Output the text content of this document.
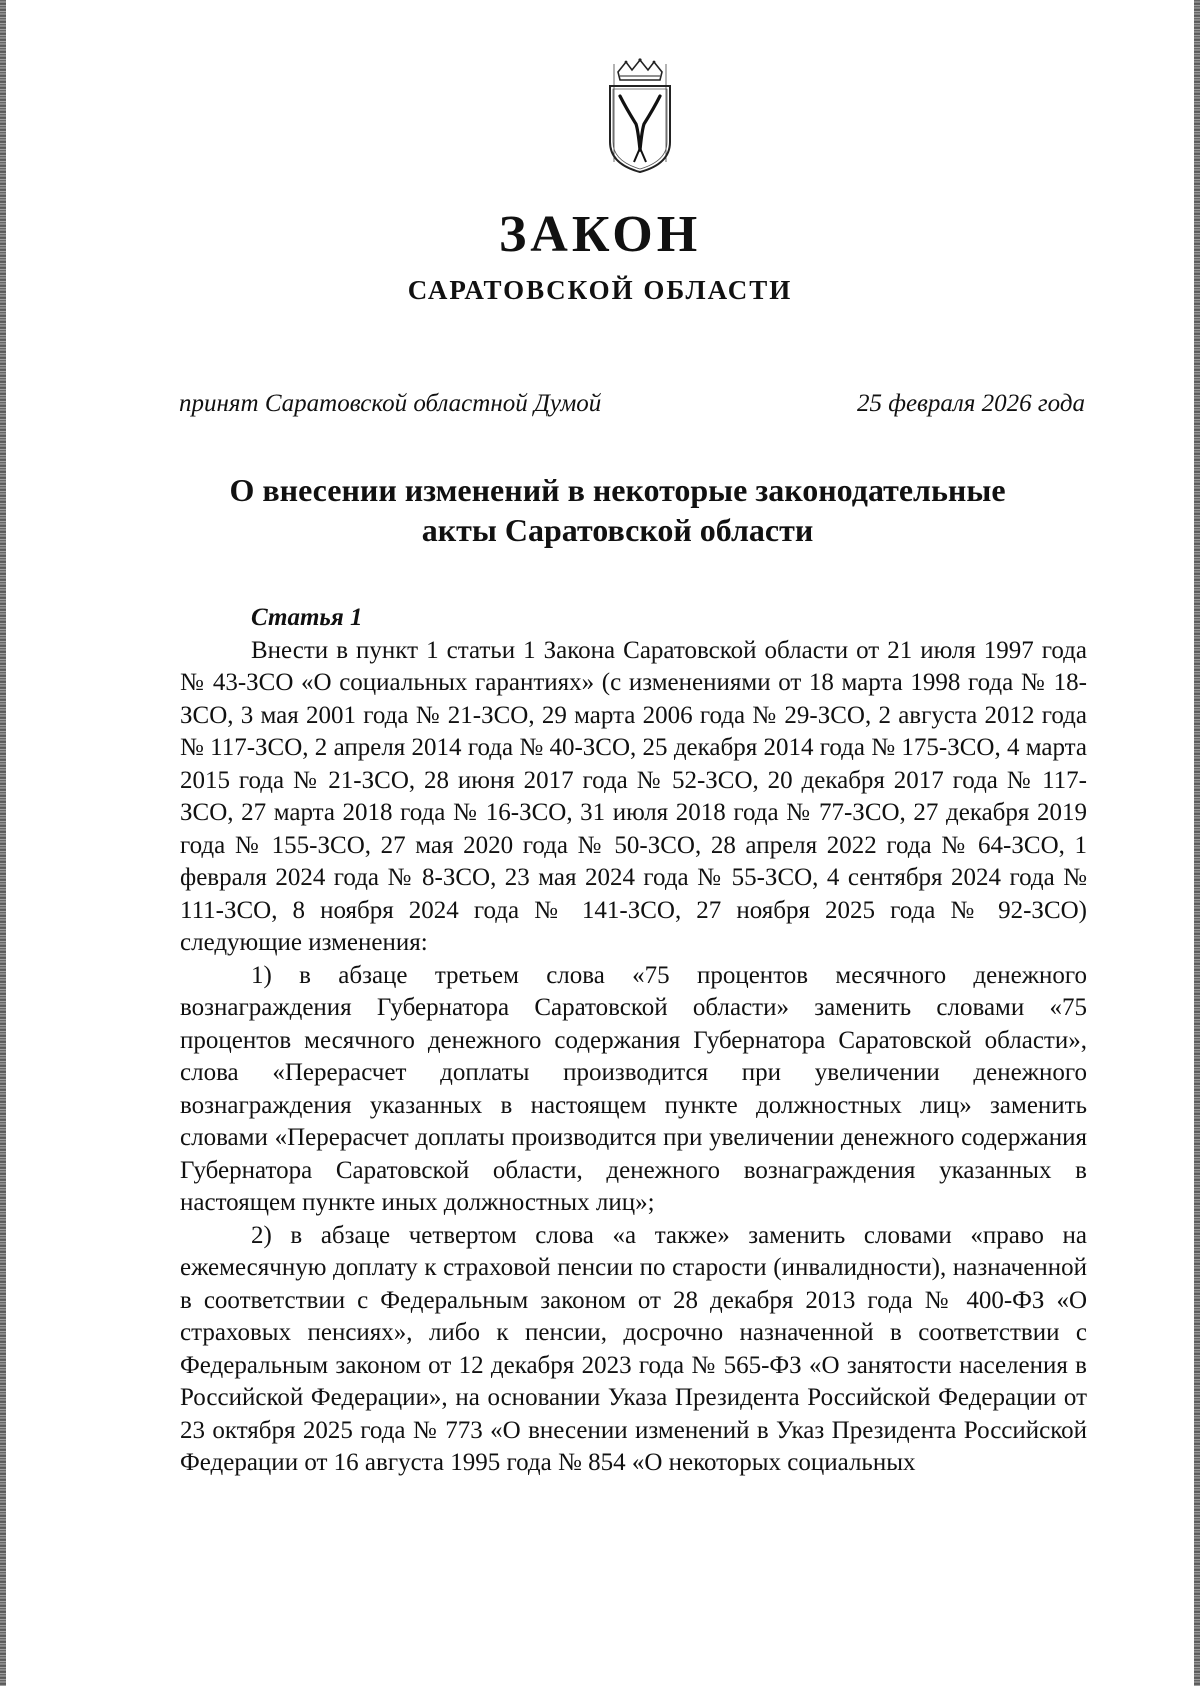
ЗАКОН
САРАТОВСКОЙ ОБЛАСТИ
принят Саратовской областной Думой	25 февраля 2026 года
О внесении изменений в некоторые законодательные
акты Саратовской области
Статья 1

Внести в пункт 1 статьи 1 Закона Саратовской области от 21 июля 1997 года № 43-ЗСО «О социальных гарантиях» (с изменениями от 18 марта 1998 года № 18-ЗСО, 3 мая 2001 года № 21-ЗСО, 29 марта 2006 года № 29-ЗСО, 2 августа 2012 года № 117-ЗСО, 2 апреля 2014 года № 40-ЗСО, 25 декабря 2014 года № 175-ЗСО, 4 марта 2015 года № 21-ЗСО, 28 июня 2017 года № 52-ЗСО, 20 декабря 2017 года № 117-ЗСО, 27 марта 2018 года № 16-ЗСО, 31 июля 2018 года № 77-ЗСО, 27 декабря 2019 года № 155-ЗСО, 27 мая 2020 года № 50-ЗСО, 28 апреля 2022 года № 64-ЗСО, 1 февраля 2024 года № 8-ЗСО, 23 мая 2024 года № 55-ЗСО, 4 сентября 2024 года № 111-ЗСО, 8 ноября 2024 года № 141-ЗСО, 27 ноября 2025 года № 92-ЗСО) следующие изменения:

1) в абзаце третьем слова «75 процентов месячного денежного вознаграждения Губернатора Саратовской области» заменить словами «75 процентов месячного денежного содержания Губернатора Саратовской области», слова «Перерасчет доплаты производится при увеличении денежного вознаграждения указанных в настоящем пункте должностных лиц» заменить словами «Перерасчет доплаты производится при увеличении денежного содержания Губернатора Саратовской области, денежного вознаграждения указанных в настоящем пункте иных должностных лиц»;

2) в абзаце четвертом слова «а также» заменить словами «право на ежемесячную доплату к страховой пенсии по старости (инвалидности), назначенной в соответствии с Федеральным законом от 28 декабря 2013 года № 400-ФЗ «О страховых пенсиях», либо к пенсии, досрочно назначенной в соответствии с Федеральным законом от 12 декабря 2023 года № 565-ФЗ «О занятости населения в Российской Федерации», на основании Указа Президента Российской Федерации от 23 октября 2025 года № 773 «О внесении изменений в Указ Президента Российской Федерации от 16 августа 1995 года № 854 «О некоторых социальных
